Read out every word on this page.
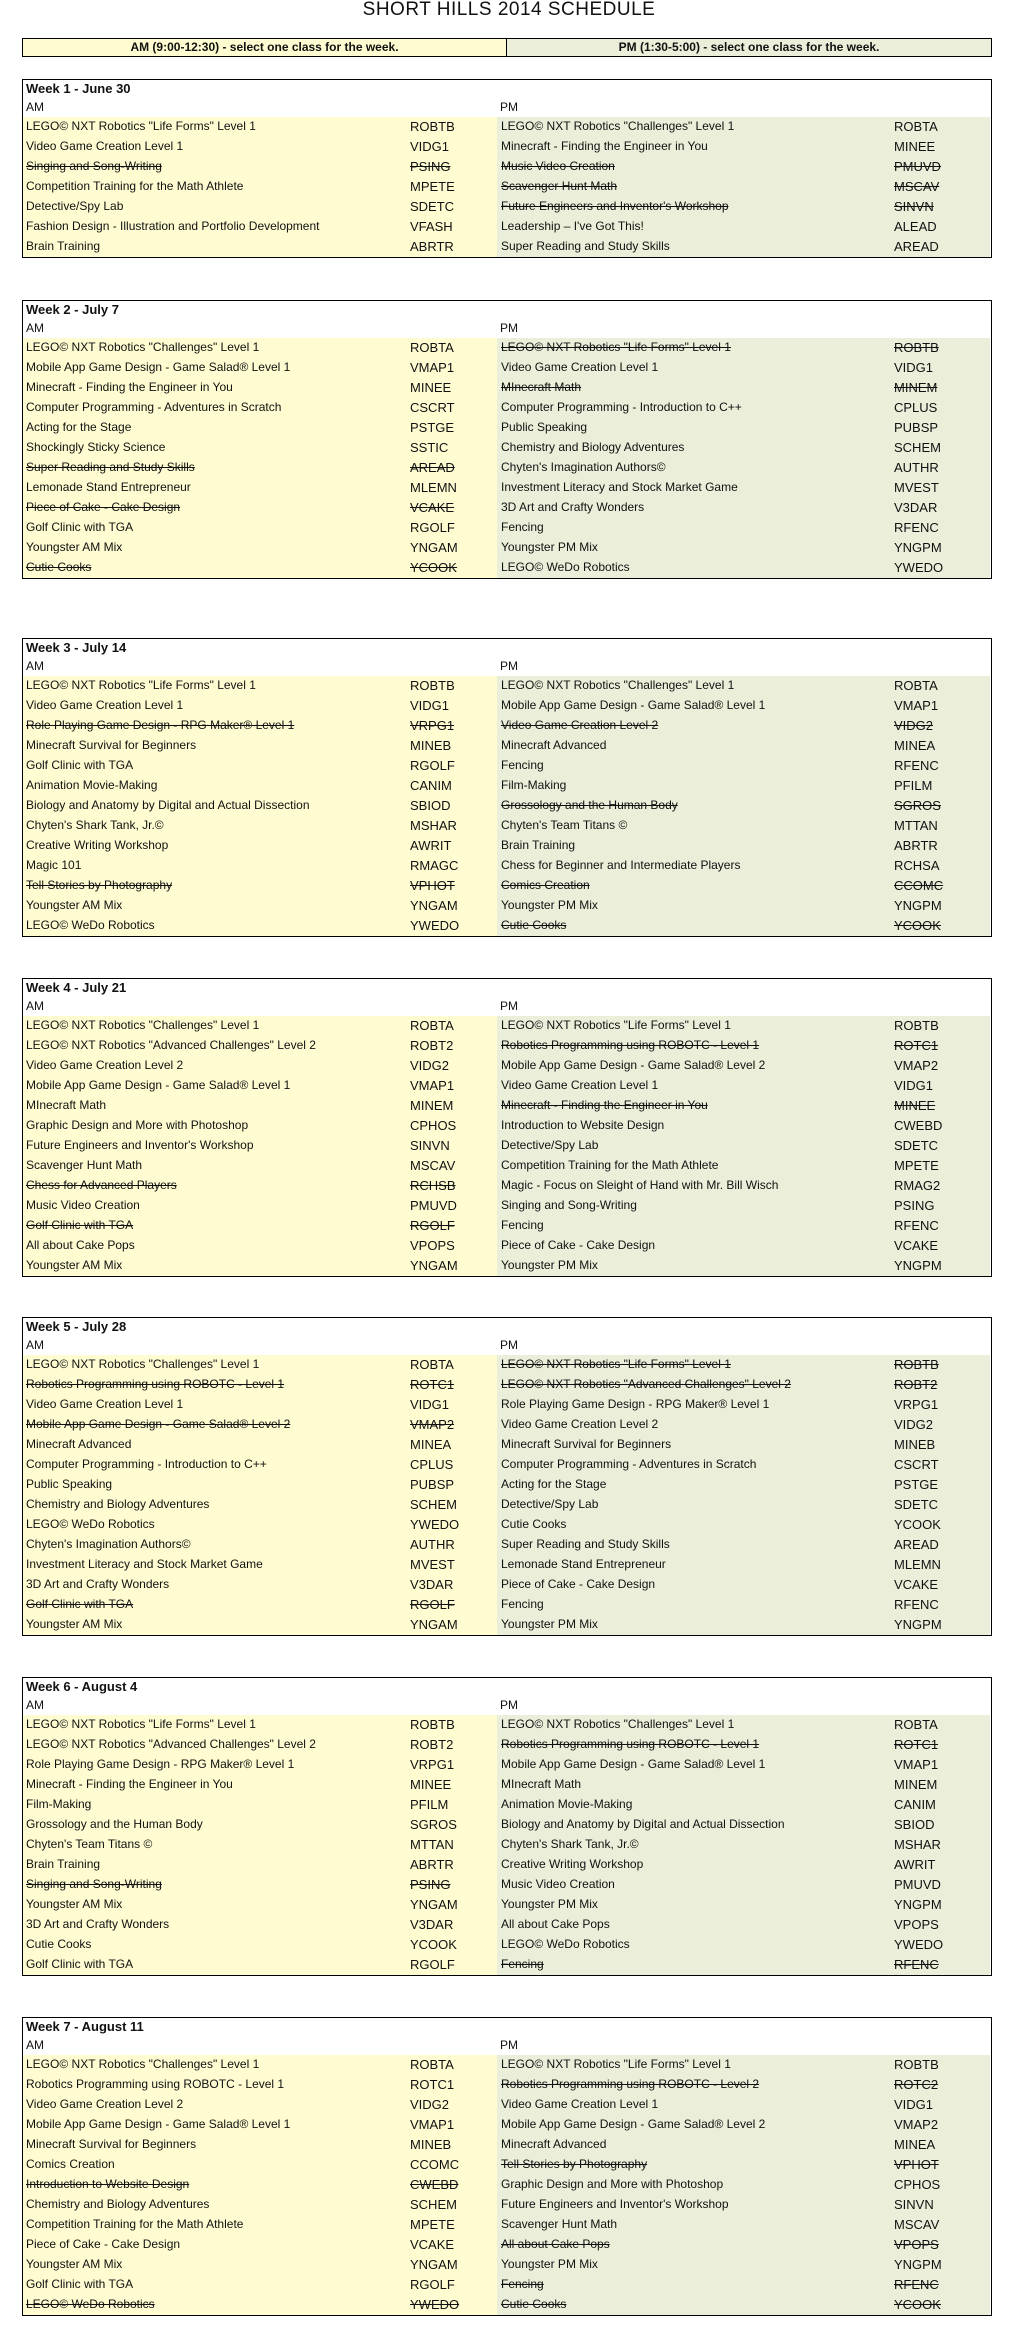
SHORT HILLS 2014 SCHEDULE
AM (9:00-12:30) - select one class for the week.	PM (1:30-5:00) - select one class for the week.
Week 1 - June 30
AM	PM
LEGO© NXT Robotics "Life Forms" Level 1	ROBTB	LEGO© NXT Robotics "Challenges" Level 1	ROBTA
Video Game Creation Level 1	VIDG1	Minecraft - Finding the Engineer in You	MINEE
Singing and Song-Writing	PSING	Music Video Creation	PMUVD
Competition Training for the Math Athlete	MPETE	Scavenger Hunt Math	MSCAV
Detective/Spy Lab	SDETC	Future Engineers and Inventor's Workshop	SINVN
Fashion Design - Illustration and Portfolio Development	VFASH	Leadership – I've Got This!	ALEAD
Brain Training	ABRTR	Super Reading and Study Skills	AREAD
Week 2 - July 7
AM	PM
LEGO© NXT Robotics "Challenges" Level 1	ROBTA	LEGO© NXT Robotics "Life Forms" Level 1	ROBTB
Mobile App Game Design - Game Salad® Level 1	VMAP1	Video Game Creation Level 1	VIDG1
Minecraft - Finding the Engineer in You	MINEE	MInecraft Math	MINEM
Computer Programming - Adventures in Scratch	CSCRT	Computer Programming - Introduction to C++	CPLUS
Acting for the Stage	PSTGE	Public Speaking	PUBSP
Shockingly Sticky Science	SSTIC	Chemistry and Biology Adventures	SCHEM
Super Reading and Study Skills	AREAD	Chyten's Imagination Authors©	AUTHR
Lemonade Stand Entrepreneur	MLEMN	Investment Literacy and Stock Market Game	MVEST
Piece of Cake - Cake Design	VCAKE	3D Art and Crafty Wonders	V3DAR
Golf Clinic with TGA	RGOLF	Fencing	RFENC
Youngster AM Mix	YNGAM	Youngster PM Mix	YNGPM
Cutie Cooks	YCOOK	LEGO© WeDo Robotics	YWEDO
Week 3 - July 14
AM	PM
LEGO© NXT Robotics "Life Forms" Level 1	ROBTB	LEGO© NXT Robotics "Challenges" Level 1	ROBTA
Video Game Creation Level 1	VIDG1	Mobile App Game Design - Game Salad® Level 1	VMAP1
Role Playing Game Design - RPG Maker® Level 1	VRPG1	Video Game Creation Level 2	VIDG2
Minecraft Survival for Beginners	MINEB	Minecraft Advanced	MINEA
Golf Clinic with TGA	RGOLF	Fencing	RFENC
Animation Movie-Making	CANIM	Film-Making	PFILM
Biology and Anatomy by Digital and Actual Dissection	SBIOD	Grossology and the Human Body	SGROS
Chyten's Shark Tank, Jr.©	MSHAR	Chyten's Team Titans ©	MTTAN
Creative Writing Workshop	AWRIT	Brain Training	ABRTR
Magic 101	RMAGC	Chess for Beginner and Intermediate Players	RCHSA
Tell Stories by Photography	VPHOT	Comics Creation	CCOMC
Youngster AM Mix	YNGAM	Youngster PM Mix	YNGPM
LEGO© WeDo Robotics	YWEDO	Cutie Cooks	YCOOK
Week 4 - July 21
AM	PM
LEGO© NXT Robotics "Challenges" Level 1	ROBTA	LEGO© NXT Robotics "Life Forms" Level 1	ROBTB
LEGO© NXT Robotics "Advanced Challenges" Level 2	ROBT2	Robotics Programming using ROBOTC - Level 1	ROTC1
Video Game Creation Level 2	VIDG2	Mobile App Game Design - Game Salad® Level 2	VMAP2
Mobile App Game Design - Game Salad® Level 1	VMAP1	Video Game Creation Level 1	VIDG1
MInecraft Math	MINEM	Minecraft - Finding the Engineer in You	MINEE
Graphic Design and More with Photoshop	CPHOS	Introduction to Website Design	CWEBD
Future Engineers and Inventor's Workshop	SINVN	Detective/Spy Lab	SDETC
Scavenger Hunt Math	MSCAV	Competition Training for the Math Athlete	MPETE
Chess for Advanced Players	RCHSB	Magic - Focus on Sleight of Hand with Mr. Bill Wisch	RMAG2
Music Video Creation	PMUVD	Singing and Song-Writing	PSING
Golf Clinic with TGA	RGOLF	Fencing	RFENC
All about Cake Pops	VPOPS	Piece of Cake - Cake Design	VCAKE
Youngster AM Mix	YNGAM	Youngster PM Mix	YNGPM
Week 5 - July 28
AM	PM
LEGO© NXT Robotics "Challenges" Level 1	ROBTA	LEGO© NXT Robotics "Life Forms" Level 1	ROBTB
Robotics Programming using ROBOTC - Level 1	ROTC1	LEGO© NXT Robotics "Advanced Challenges" Level 2	ROBT2
Video Game Creation Level 1	VIDG1	Role Playing Game Design - RPG Maker® Level 1	VRPG1
Mobile App Game Design - Game Salad® Level 2	VMAP2	Video Game Creation Level 2	VIDG2
Minecraft Advanced	MINEA	Minecraft Survival for Beginners	MINEB
Computer Programming - Introduction to C++	CPLUS	Computer Programming - Adventures in Scratch	CSCRT
Public Speaking	PUBSP	Acting for the Stage	PSTGE
Chemistry and Biology Adventures	SCHEM	Detective/Spy Lab	SDETC
LEGO© WeDo Robotics	YWEDO	Cutie Cooks	YCOOK
Chyten's Imagination Authors©	AUTHR	Super Reading and Study Skills	AREAD
Investment Literacy and Stock Market Game	MVEST	Lemonade Stand Entrepreneur	MLEMN
3D Art and Crafty Wonders	V3DAR	Piece of Cake - Cake Design	VCAKE
Golf Clinic with TGA	RGOLF	Fencing	RFENC
Youngster AM Mix	YNGAM	Youngster PM Mix	YNGPM
Week 6 - August 4
AM	PM
LEGO© NXT Robotics "Life Forms" Level 1	ROBTB	LEGO© NXT Robotics "Challenges" Level 1	ROBTA
LEGO© NXT Robotics "Advanced Challenges" Level 2	ROBT2	Robotics Programming using ROBOTC - Level 1	ROTC1
Role Playing Game Design - RPG Maker® Level 1	VRPG1	Mobile App Game Design - Game Salad® Level 1	VMAP1
Minecraft - Finding the Engineer in You	MINEE	MInecraft Math	MINEM
Film-Making	PFILM	Animation Movie-Making	CANIM
Grossology and the Human Body	SGROS	Biology and Anatomy by Digital and Actual Dissection	SBIOD
Chyten's Team Titans ©	MTTAN	Chyten's Shark Tank, Jr.©	MSHAR
Brain Training	ABRTR	Creative Writing Workshop	AWRIT
Singing and Song-Writing	PSING	Music Video Creation	PMUVD
Youngster AM Mix	YNGAM	Youngster PM Mix	YNGPM
3D Art and Crafty Wonders	V3DAR	All about Cake Pops	VPOPS
Cutie Cooks	YCOOK	LEGO© WeDo Robotics	YWEDO
Golf Clinic with TGA	RGOLF	Fencing	RFENC
Week 7 - August 11
AM	PM
LEGO© NXT Robotics "Challenges" Level 1	ROBTA	LEGO© NXT Robotics "Life Forms" Level 1	ROBTB
Robotics Programming using ROBOTC - Level 1	ROTC1	Robotics Programming using ROBOTC - Level 2	ROTC2
Video Game Creation Level 2	VIDG2	Video Game Creation Level 1	VIDG1
Mobile App Game Design - Game Salad® Level 1	VMAP1	Mobile App Game Design - Game Salad® Level 2	VMAP2
Minecraft Survival for Beginners	MINEB	Minecraft Advanced	MINEA
Comics Creation	CCOMC	Tell Stories by Photography	VPHOT
Introduction to Website Design	CWEBD	Graphic Design and More with Photoshop	CPHOS
Chemistry and Biology Adventures	SCHEM	Future Engineers and Inventor's Workshop	SINVN
Competition Training for the Math Athlete	MPETE	Scavenger Hunt Math	MSCAV
Piece of Cake - Cake Design	VCAKE	All about Cake Pops	VPOPS
Youngster AM Mix	YNGAM	Youngster PM Mix	YNGPM
Golf Clinic with TGA	RGOLF	Fencing	RFENC
LEGO© WeDo Robotics	YWEDO	Cutie Cooks	YCOOK
